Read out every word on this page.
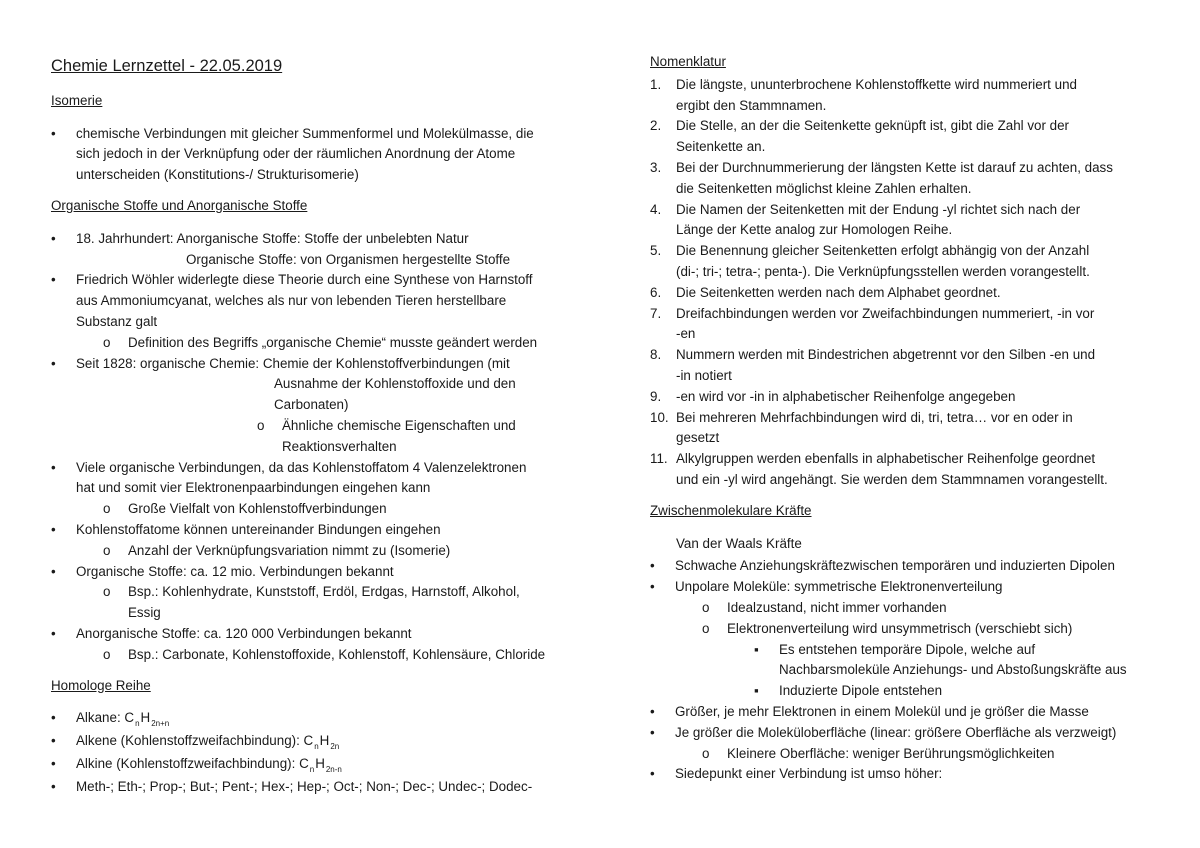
Chemie Lernzettel - 22.05.2019
Isomerie
• chemische Verbindungen mit gleicher Summenformel und Molekülmasse, die
sich jedoch in der Verknüpfung oder der räumlichen Anordnung der Atome
unterscheiden (Konstitutions-/ Strukturisomerie)
Organische Stoffe und Anorganische Stoffe
• 18. Jahrhundert: Anorganische Stoffe: Stoffe der unbelebten Natur
Organische Stoffe: von Organismen hergestellte Stoffe
• Friedrich Wöhler widerlegte diese Theorie durch eine Synthese von Harnstoff
aus Ammoniumcyanat, welches als nur von lebenden Tieren herstellbare
Substanz galt
o Definition des Begriffs „organische Chemie“ musste geändert werden
• Seit 1828: organische Chemie: Chemie der Kohlenstoffverbindungen (mit
Ausnahme der Kohlenstoffoxide und den
Carbonaten)
o Ähnliche chemische Eigenschaften und
Reaktionsverhalten
• Viele organische Verbindungen, da das Kohlenstoffatom 4 Valenzelektronen
hat und somit vier Elektronenpaarbindungen eingehen kann
o Große Vielfalt von Kohlenstoffverbindungen
• Kohlenstoffatome können untereinander Bindungen eingehen
o Anzahl der Verknüpfungsvariation nimmt zu (Isomerie)
• Organische Stoffe: ca. 12 mio. Verbindungen bekannt
o Bsp.: Kohlenhydrate, Kunststoff, Erdöl, Erdgas, Harnstoff, Alkohol,
Essig
• Anorganische Stoffe: ca. 120 000 Verbindungen bekannt
o Bsp.: Carbonate, Kohlenstoffoxide, Kohlenstoff, Kohlensäure, Chloride
Homologe Reihe
• Alkane: $C_nH_{2n+n}$
• Alkene (Kohlenstoffzweifachbindung): $C_nH_{2n}$
• Alkine (Kohlenstoffzweifachbindung): $C_nH_{2n-n}$
• Meth-; Eth-; Prop-; But-; Pent-; Hex-; Hep-; Oct-; Non-; Dec-; Undec-; Dodec-
Nomenklatur
1. Die längste, ununterbrochene Kohlenstoffkette wird nummeriert und
ergibt den Stammnamen.
2. Die Stelle, an der die Seitenkette geknüpft ist, gibt die Zahl vor der
Seitenkette an.
3. Bei der Durchnummerierung der längsten Kette ist darauf zu achten, dass
die Seitenketten möglichst kleine Zahlen erhalten.
4. Die Namen der Seitenketten mit der Endung -yl richtet sich nach der
Länge der Kette analog zur Homologen Reihe.
5. Die Benennung gleicher Seitenketten erfolgt abhängig von der Anzahl
(di-; tri-; tetra-; penta-). Die Verknüpfungsstellen werden vorangestellt.
6. Die Seitenketten werden nach dem Alphabet geordnet.
7. Dreifachbindungen werden vor Zweifachbindungen nummeriert, -in vor
-en
8. Nummern werden mit Bindestrichen abgetrennt vor den Silben -en und
-in notiert
9. -en wird vor -in in alphabetischer Reihenfolge angegeben
10. Bei mehreren Mehrfachbindungen wird di, tri, tetra… vor en oder in
gesetzt
11. Alkylgruppen werden ebenfalls in alphabetischer Reihenfolge geordnet
und ein -yl wird angehängt. Sie werden dem Stammnamen vorangestellt.
Zwischenmolekulare Kräfte
Van der Waals Kräfte
• Schwache Anziehungskräftezwischen temporären und induzierten Dipolen
• Unpolare Moleküle: symmetrische Elektronenverteilung
o Idealzustand, nicht immer vorhanden
o Elektronenverteilung wird unsymmetrisch (verschiebt sich)
▪ Es entstehen temporäre Dipole, welche auf
Nachbarsmoleküle Anziehungs- und Abstoßungskräfte aus
▪ Induzierte Dipole entstehen
• Größer, je mehr Elektronen in einem Molekül und je größer die Masse
• Je größer die Moleküloberfläche (linear: größere Oberfläche als verzweigt)
o Kleinere Oberfläche: weniger Berührungsmöglichkeiten
• Siedepunkt einer Verbindung ist umso höher:
